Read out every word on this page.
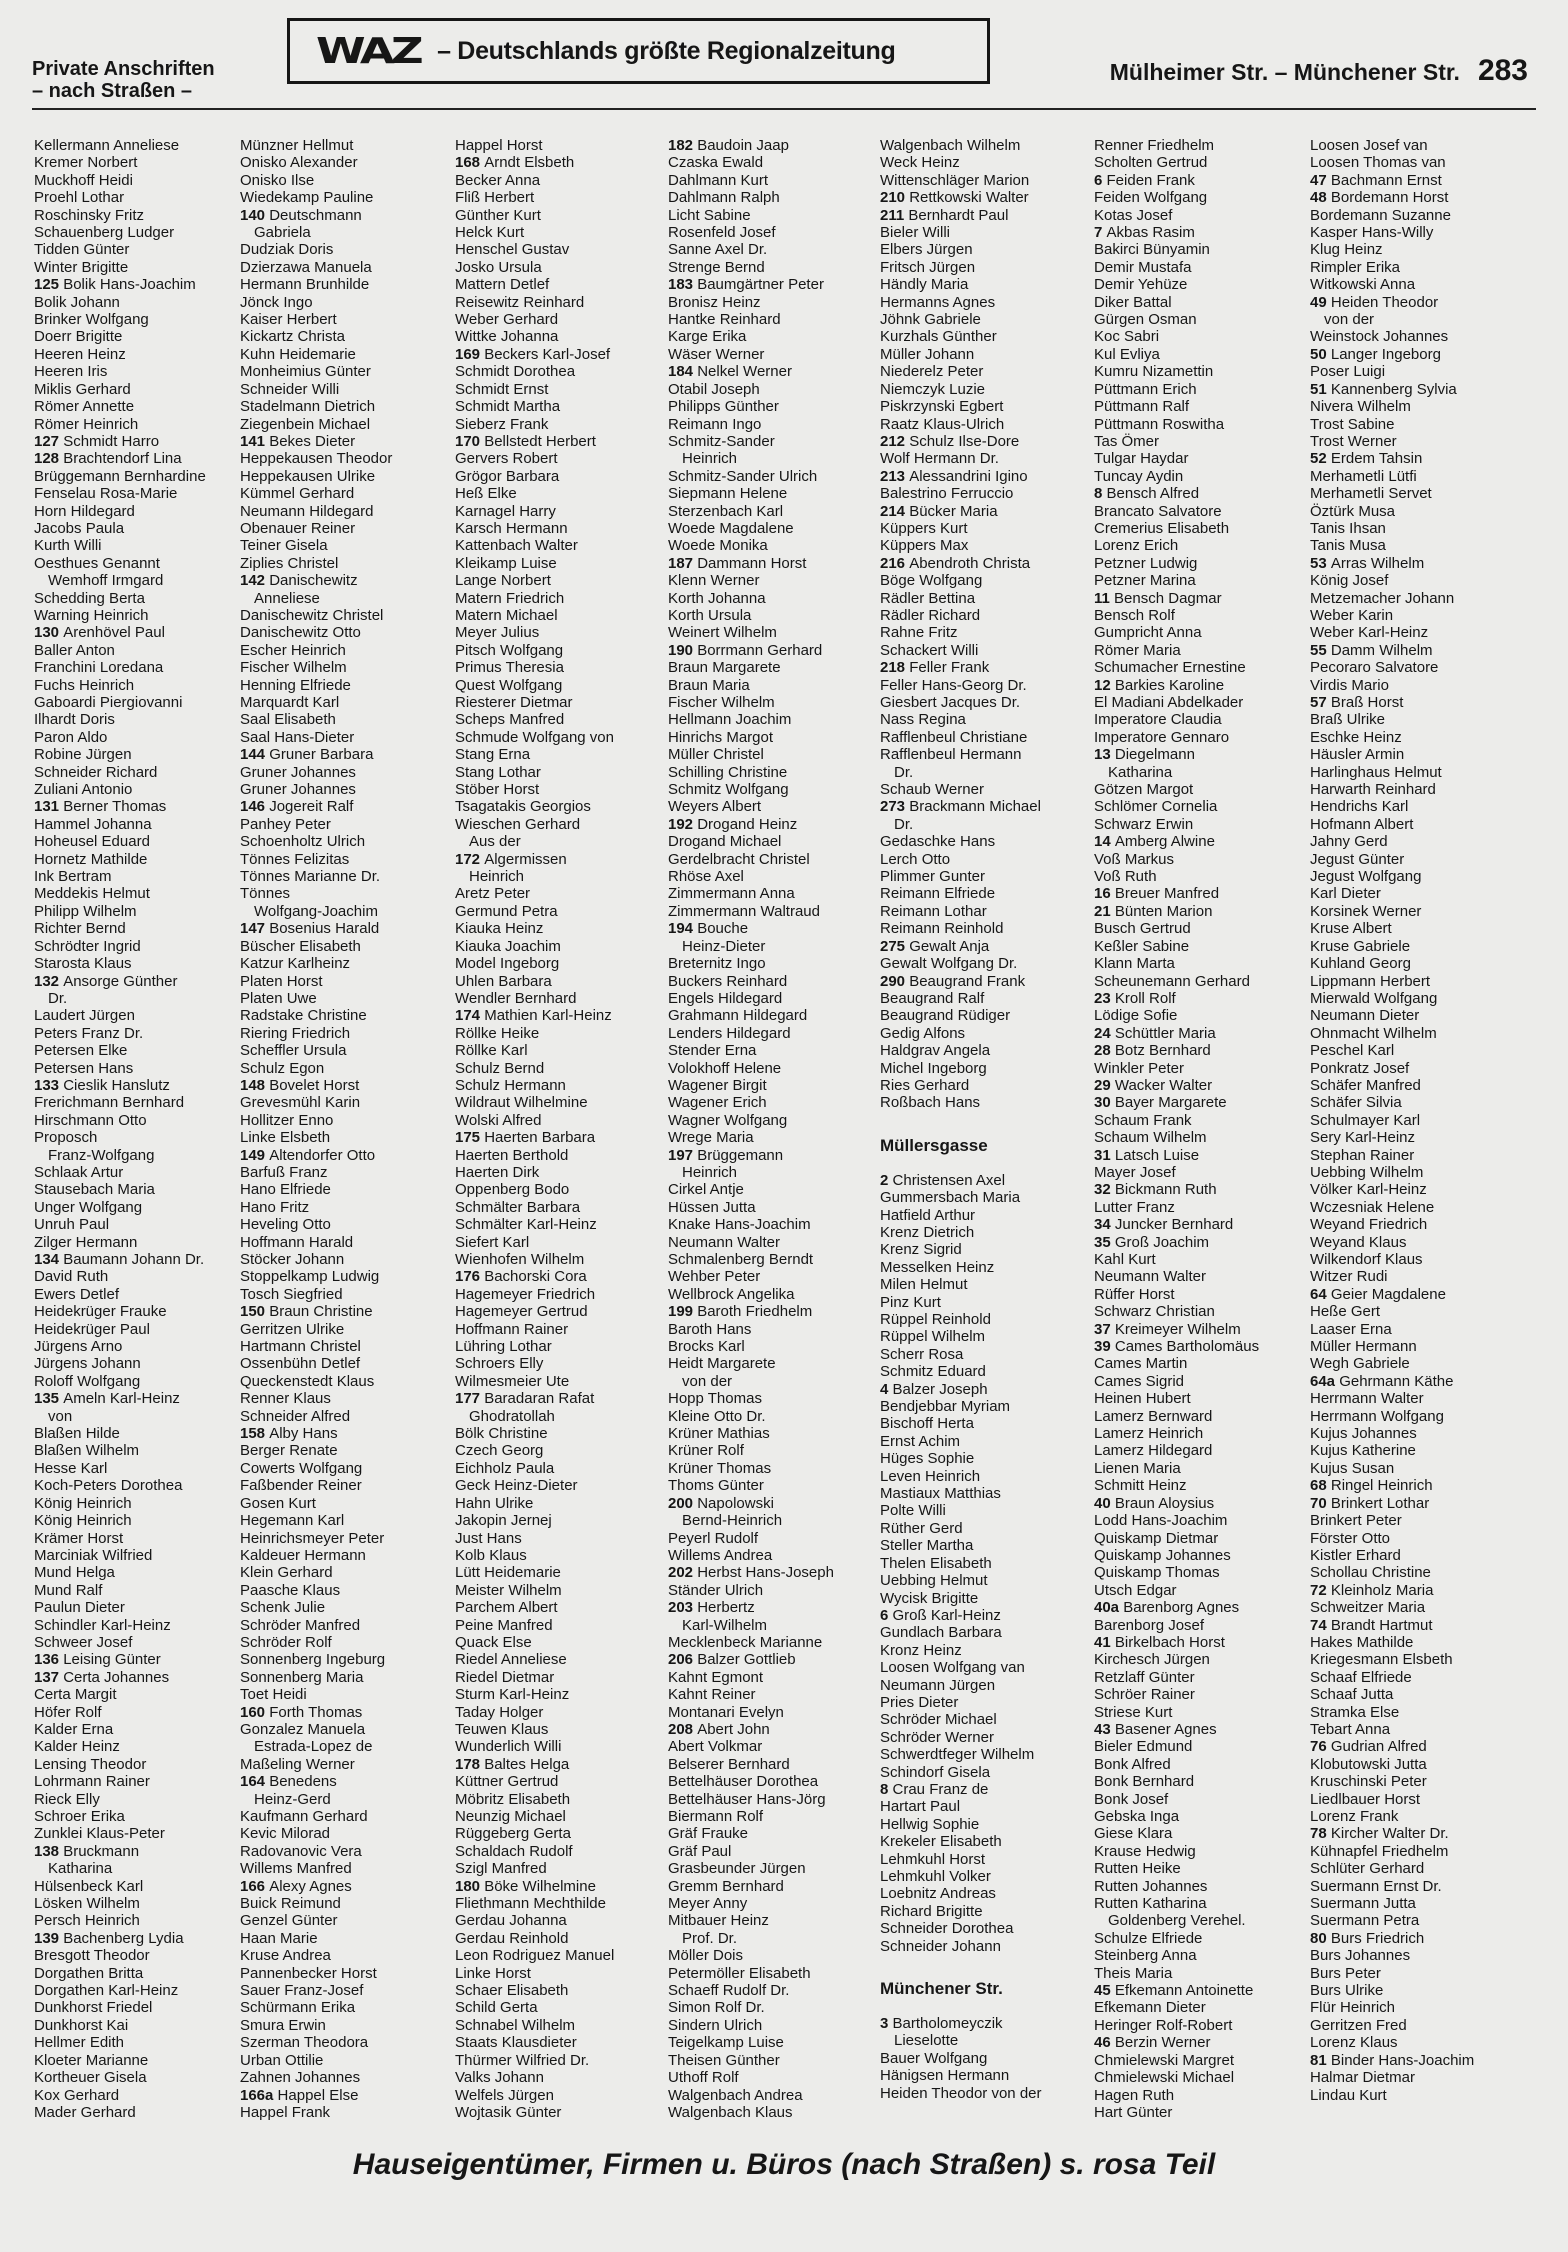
Private Anschriften
– nach Straßen –
WAZ – Deutschlands größte Regionalzeitung
Mülheimer Str. – Münchener Str. 283
Kellermann Anneliese
Kremer Norbert
Muckhoff Heidi
Proehl Lothar
Roschinsky Fritz
Schauenberg Ludger
Tidden Günter
Winter Brigitte
125 Bolik Hans-Joachim
Bolik Johann
Brinker Wolfgang
Doerr Brigitte
Heeren Heinz
Heeren Iris
Miklis Gerhard
Römer Annette
Römer Heinrich
127 Schmidt Harro
128 Brachtendorf Lina
Brüggemann Bernhardine
Fenselau Rosa-Marie
Horn Hildegard
Jacobs Paula
Kurth Willi
Oesthues Genannt
Wemhoff Irmgard
Schedding Berta
Warning Heinrich
130 Arenhövel Paul
Baller Anton
Franchini Loredana
Fuchs Heinrich
Gaboardi Piergiovanni
Ilhardt Doris
Paron Aldo
Robine Jürgen
Schneider Richard
Zuliani Antonio
131 Berner Thomas
Hammel Johanna
Hoheusel Eduard
Hornetz Mathilde
Ink Bertram
Meddekis Helmut
Philipp Wilhelm
Richter Bernd
Schrödter Ingrid
Starosta Klaus
132 Ansorge Günther
Dr.
Laudert Jürgen
Peters Franz Dr.
Petersen Elke
Petersen Hans
133 Cieslik Hanslutz
Frerichmann Bernhard
Hirschmann Otto
Proposch
Franz-Wolfgang
Schlaak Artur
Stausebach Maria
Unger Wolfgang
Unruh Paul
Zilger Hermann
134 Baumann Johann Dr.
David Ruth
Ewers Detlef
Heidekrüger Frauke
Heidekrüger Paul
Jürgens Arno
Jürgens Johann
Roloff Wolfgang
135 Ameln Karl-Heinz
von
Blaßen Hilde
Blaßen Wilhelm
Hesse Karl
Koch-Peters Dorothea
König Heinrich
König Heinrich
Krämer Horst
Marciniak Wilfried
Mund Helga
Mund Ralf
Paulun Dieter
Schindler Karl-Heinz
Schweer Josef
136 Leising Günter
137 Certa Johannes
Certa Margit
Höfer Rolf
Kalder Erna
Kalder Heinz
Lensing Theodor
Lohrmann Rainer
Rieck Elly
Schroer Erika
Zunklei Klaus-Peter
138 Bruckmann
Katharina
Hülsenbeck Karl
Lösken Wilhelm
Persch Heinrich
139 Bachenberg Lydia
Bresgott Theodor
Dorgathen Britta
Dorgathen Karl-Heinz
Dunkhorst Friedel
Dunkhorst Kai
Hellmer Edith
Kloeter Marianne
Kortheuer Gisela
Kox Gerhard
Mader Gerhard
Münzner Hellmut
Onisko Alexander
Onisko Ilse
Wiedekamp Pauline
140 Deutschmann
Gabriela
Dudziak Doris
Dzierzawa Manuela
Hermann Brunhilde
Jönck Ingo
Kaiser Herbert
Kickartz Christa
Kuhn Heidemarie
Monheimius Günter
Schneider Willi
Stadelmann Dietrich
Ziegenbein Michael
141 Bekes Dieter
Heppekausen Theodor
Heppekausen Ulrike
Kümmel Gerhard
Neumann Hildegard
Obenauer Reiner
Teiner Gisela
Ziplies Christel
142 Danischewitz
Anneliese
Danischewitz Christel
Danischewitz Otto
Escher Heinrich
Fischer Wilhelm
Henning Elfriede
Marquardt Karl
Saal Elisabeth
Saal Hans-Dieter
144 Gruner Barbara
Gruner Johannes
Gruner Johannes
146 Jogereit Ralf
Panhey Peter
Schoenholtz Ulrich
Tönnes Felizitas
Tönnes Marianne Dr.
Tönnes
Wolfgang-Joachim
147 Bosenius Harald
Büscher Elisabeth
Katzur Karlheinz
Platen Horst
Platen Uwe
Radstake Christine
Riering Friedrich
Scheffler Ursula
Schulz Egon
148 Bovelet Horst
Grevesmühl Karin
Hollitzer Enno
Linke Elsbeth
149 Altendorfer Otto
Barfuß Franz
Hano Elfriede
Hano Fritz
Heveling Otto
Hoffmann Harald
Stöcker Johann
Stoppelkamp Ludwig
Tosch Siegfried
150 Braun Christine
Gerritzen Ulrike
Hartmann Christel
Ossenbühn Detlef
Queckenstedt Klaus
Renner Klaus
Schneider Alfred
158 Alby Hans
Berger Renate
Cowerts Wolfgang
Faßbender Reiner
Gosen Kurt
Hegemann Karl
Heinrichsmeyer Peter
Kaldeuer Hermann
Klein Gerhard
Paasche Klaus
Schenk Julie
Schröder Manfred
Schröder Rolf
Sonnenberg Ingeburg
Sonnenberg Maria
Toet Heidi
160 Forth Thomas
Gonzalez Manuela
Estrada-Lopez de
Maßeling Werner
164 Benedens
Heinz-Gerd
Kaufmann Gerhard
Kevic Milorad
Radovanovic Vera
Willems Manfred
166 Alexy Agnes
Buick Reimund
Genzel Günter
Haan Marie
Kruse Andrea
Pannenbecker Horst
Sauer Franz-Josef
Schürmann Erika
Smura Erwin
Szerman Theodora
Urban Ottilie
Zahnen Johannes
166a Happel Else
Happel Frank
Happel Horst
168 Arndt Elsbeth
Becker Anna
Fliß Herbert
Günther Kurt
Helck Kurt
Henschel Gustav
Josko Ursula
Mattern Detlef
Reisewitz Reinhard
Weber Gerhard
Wittke Johanna
169 Beckers Karl-Josef
Schmidt Dorothea
Schmidt Ernst
Schmidt Martha
Sieberz Frank
170 Bellstedt Herbert
Gervers Robert
Grögor Barbara
Heß Elke
Karnagel Harry
Karsch Hermann
Kattenbach Walter
Kleikamp Luise
Lange Norbert
Matern Friedrich
Matern Michael
Meyer Julius
Pitsch Wolfgang
Primus Theresia
Quest Wolfgang
Riesterer Dietmar
Scheps Manfred
Schmude Wolfgang von
Stang Erna
Stang Lothar
Stöber Horst
Tsagatakis Georgios
Wieschen Gerhard
Aus der
172 Algermissen
Heinrich
Aretz Peter
Germund Petra
Kiauka Heinz
Kiauka Joachim
Model Ingeborg
Uhlen Barbara
Wendler Bernhard
174 Mathien Karl-Heinz
Röllke Heike
Röllke Karl
Schulz Bernd
Schulz Hermann
Wildraut Wilhelmine
Wolski Alfred
175 Haerten Barbara
Haerten Berthold
Haerten Dirk
Oppenberg Bodo
Schmälter Barbara
Schmälter Karl-Heinz
Siefert Karl
Wienhofen Wilhelm
176 Bachorski Cora
Hagemeyer Friedrich
Hagemeyer Gertrud
Hoffmann Rainer
Lühring Lothar
Schroers Elly
Wilmesmeier Ute
177 Baradaran Rafat
Ghodratollah
Bölk Christine
Czech Georg
Eichholz Paula
Geck Heinz-Dieter
Hahn Ulrike
Jakopin Jernej
Just Hans
Kolb Klaus
Lütt Heidemarie
Meister Wilhelm
Parchem Albert
Peine Manfred
Quack Else
Riedel Anneliese
Riedel Dietmar
Sturm Karl-Heinz
Taday Holger
Teuwen Klaus
Wunderlich Willi
178 Baltes Helga
Küttner Gertrud
Möbritz Elisabeth
Neunzig Michael
Rüggeberg Gerta
Schaldach Rudolf
Szigl Manfred
180 Böke Wilhelmine
Fliethmann Mechthilde
Gerdau Johanna
Gerdau Reinhold
Leon Rodriguez Manuel
Linke Horst
Schaer Elisabeth
Schild Gerta
Schnabel Wilhelm
Staats Klausdieter
Thürmer Wilfried Dr.
Valks Johann
Welfels Jürgen
Wojtasik Günter
182 Baudoin Jaap
Czaska Ewald
Dahlmann Kurt
Dahlmann Ralph
Licht Sabine
Rosenfeld Josef
Sanne Axel Dr.
Strenge Bernd
183 Baumgärtner Peter
Bronisz Heinz
Hantke Reinhard
Karge Erika
Wäser Werner
184 Nelkel Werner
Otabil Joseph
Philipps Günther
Reimann Ingo
Schmitz-Sander
Heinrich
Schmitz-Sander Ulrich
Siepmann Helene
Sterzenbach Karl
Woede Magdalene
Woede Monika
187 Dammann Horst
Klenn Werner
Korth Johanna
Korth Ursula
Weinert Wilhelm
190 Borrmann Gerhard
Braun Margarete
Braun Maria
Fischer Wilhelm
Hellmann Joachim
Hinrichs Margot
Müller Christel
Schilling Christine
Schmitz Wolfgang
Weyers Albert
192 Drogand Heinz
Drogand Michael
Gerdelbracht Christel
Rhöse Axel
Zimmermann Anna
Zimmermann Waltraud
194 Bouche
Heinz-Dieter
Breternitz Ingo
Buckers Reinhard
Engels Hildegard
Grahmann Hildegard
Lenders Hildegard
Stender Erna
Volokhoff Helene
Wagener Birgit
Wagener Erich
Wagner Wolfgang
Wrege Maria
197 Brüggemann
Heinrich
Cirkel Antje
Hüssen Jutta
Knake Hans-Joachim
Neumann Walter
Schmalenberg Berndt
Wehber Peter
Wellbrock Angelika
199 Baroth Friedhelm
Baroth Hans
Brocks Karl
Heidt Margarete
von der
Hopp Thomas
Kleine Otto Dr.
Krüner Mathias
Krüner Rolf
Krüner Thomas
Thoms Günter
200 Napolowski
Bernd-Heinrich
Peyerl Rudolf
Willems Andrea
202 Herbst Hans-Joseph
Ständer Ulrich
203 Herbertz
Karl-Wilhelm
Mecklenbeck Marianne
206 Balzer Gottlieb
Kahnt Egmont
Kahnt Reiner
Montanari Evelyn
208 Abert John
Abert Volkmar
Belserer Bernhard
Bettelhäuser Dorothea
Bettelhäuser Hans-Jörg
Biermann Rolf
Gräf Frauke
Gräf Paul
Grasbeunder Jürgen
Gremm Bernhard
Meyer Anny
Mitbauer Heinz
Prof. Dr.
Möller Dois
Petermöller Elisabeth
Schaeff Rudolf Dr.
Simon Rolf Dr.
Sindern Ulrich
Teigelkamp Luise
Theisen Günther
Uthoff Rolf
Walgenbach Andrea
Walgenbach Klaus
Walgenbach Wilhelm
Weck Heinz
Wittenschläger Marion
210 Rettkowski Walter
211 Bernhardt Paul
Bieler Willi
Elbers Jürgen
Fritsch Jürgen
Händly Maria
Hermanns Agnes
Jöhnk Gabriele
Kurzhals Günther
Müller Johann
Niederelz Peter
Niemczyk Luzie
Piskrzynski Egbert
Raatz Klaus-Ulrich
212 Schulz Ilse-Dore
Wolf Hermann Dr.
213 Alessandrini Igino
Balestrino Ferruccio
214 Bücker Maria
Küppers Kurt
Küppers Max
216 Abendroth Christa
Böge Wolfgang
Rädler Bettina
Rädler Richard
Rahne Fritz
Schackert Willi
218 Feller Frank
Feller Hans-Georg Dr.
Giesbert Jacques Dr.
Nass Regina
Rafflenbeul Christiane
Rafflenbeul Hermann
Dr.
Schaub Werner
273 Brackmann Michael
Dr.
Gedaschke Hans
Lerch Otto
Plimmer Gunter
Reimann Elfriede
Reimann Lothar
Reimann Reinhold
275 Gewalt Anja
Gewalt Wolfgang Dr.
290 Beaugrand Frank
Beaugrand Ralf
Beaugrand Rüdiger
Gedig Alfons
Haldgrav Angela
Michel Ingeborg
Ries Gerhard
Roßbach Hans
Müllersgasse
2 Christensen Axel
Gummersbach Maria
Hatfield Arthur
Krenz Dietrich
Krenz Sigrid
Messelken Heinz
Milen Helmut
Pinz Kurt
Rüppel Reinhold
Rüppel Wilhelm
Scherr Rosa
Schmitz Eduard
4 Balzer Joseph
Bendjebbar Myriam
Bischoff Herta
Ernst Achim
Hüges Sophie
Leven Heinrich
Mastiaux Matthias
Polte Willi
Rüther Gerd
Steller Martha
Thelen Elisabeth
Uebbing Helmut
Wycisk Brigitte
6 Groß Karl-Heinz
Gundlach Barbara
Kronz Heinz
Loosen Wolfgang van
Neumann Jürgen
Pries Dieter
Schröder Michael
Schröder Werner
Schwerdtfeger Wilhelm
Schindorf Gisela
8 Crau Franz de
Hartart Paul
Hellwig Sophie
Krekeler Elisabeth
Lehmkuhl Horst
Lehmkuhl Volker
Loebnitz Andreas
Richard Brigitte
Schneider Dorothea
Schneider Johann
Münchener Str.
3 Bartholomeyczik
Lieselotte
Bauer Wolfgang
Hänigsen Hermann
Heiden Theodor von der
Renner Friedhelm
Scholten Gertrud
6 Feiden Frank
Feiden Wolfgang
Kotas Josef
7 Akbas Rasim
Bakirci Bünyamin
Demir Mustafa
Demir Yehüze
Diker Battal
Gürgen Osman
Koc Sabri
Kul Evliya
Kumru Nizamettin
Püttmann Erich
Püttmann Ralf
Püttmann Roswitha
Tas Ömer
Tulgar Haydar
Tuncay Aydin
8 Bensch Alfred
Brancato Salvatore
Cremerius Elisabeth
Lorenz Erich
Petzner Ludwig
Petzner Marina
11 Bensch Dagmar
Bensch Rolf
Gumpricht Anna
Römer Maria
Schumacher Ernestine
12 Barkies Karoline
El Madiani Abdelkader
Imperatore Claudia
Imperatore Gennaro
13 Diegelmann
Katharina
Götzen Margot
Schlömer Cornelia
Schwarz Erwin
14 Amberg Alwine
Voß Markus
Voß Ruth
16 Breuer Manfred
21 Bünten Marion
Busch Gertrud
Keßler Sabine
Klann Marta
Scheunemann Gerhard
23 Kroll Rolf
Lödige Sofie
24 Schüttler Maria
28 Botz Bernhard
Winkler Peter
29 Wacker Walter
30 Bayer Margarete
Schaum Frank
Schaum Wilhelm
31 Latsch Luise
Mayer Josef
32 Bickmann Ruth
Lutter Franz
34 Juncker Bernhard
35 Groß Joachim
Kahl Kurt
Neumann Walter
Rüffer Horst
Schwarz Christian
37 Kreimeyer Wilhelm
39 Cames Bartholomäus
Cames Martin
Cames Sigrid
Heinen Hubert
Lamerz Bernward
Lamerz Heinrich
Lamerz Hildegard
Lienen Maria
Schmitt Heinz
40 Braun Aloysius
Lodd Hans-Joachim
Quiskamp Dietmar
Quiskamp Johannes
Quiskamp Thomas
Utsch Edgar
40a Barenborg Agnes
Barenborg Josef
41 Birkelbach Horst
Kirchesch Jürgen
Retzlaff Günter
Schröer Rainer
Striese Kurt
43 Basener Agnes
Bieler Edmund
Bonk Alfred
Bonk Bernhard
Bonk Josef
Gebska Inga
Giese Klara
Krause Hedwig
Rutten Heike
Rutten Johannes
Rutten Katharina
Goldenberg Verehel.
Schulze Elfriede
Steinberg Anna
Theis Maria
45 Efkemann Antoinette
Efkemann Dieter
Heringer Rolf-Robert
46 Berzin Werner
Chmielewski Margret
Chmielewski Michael
Hagen Ruth
Hart Günter
Loosen Josef van
Loosen Thomas van
47 Bachmann Ernst
48 Bordemann Horst
Bordemann Suzanne
Kasper Hans-Willy
Klug Heinz
Rimpler Erika
Witkowski Anna
49 Heiden Theodor
von der
Weinstock Johannes
50 Langer Ingeborg
Poser Luigi
51 Kannenberg Sylvia
Nivera Wilhelm
Trost Sabine
Trost Werner
52 Erdem Tahsin
Merhametli Lütfi
Merhametli Servet
Öztürk Musa
Tanis Ihsan
Tanis Musa
53 Arras Wilhelm
König Josef
Metzemacher Johann
Weber Karin
Weber Karl-Heinz
55 Damm Wilhelm
Pecoraro Salvatore
Virdis Mario
57 Braß Horst
Braß Ulrike
Eschke Heinz
Häusler Armin
Harlinghaus Helmut
Harwarth Reinhard
Hendrichs Karl
Hofmann Albert
Jahny Gerd
Jegust Günter
Jegust Wolfgang
Karl Dieter
Korsinek Werner
Kruse Albert
Kruse Gabriele
Kuhland Georg
Lippmann Herbert
Mierwald Wolfgang
Neumann Dieter
Ohnmacht Wilhelm
Peschel Karl
Ponkratz Josef
Schäfer Manfred
Schäfer Silvia
Schulmayer Karl
Sery Karl-Heinz
Stephan Rainer
Uebbing Wilhelm
Völker Karl-Heinz
Wczesniak Helene
Weyand Friedrich
Weyand Klaus
Wilkendorf Klaus
Witzer Rudi
64 Geier Magdalene
Heße Gert
Laaser Erna
Müller Hermann
Wegh Gabriele
64a Gehrmann Käthe
Herrmann Walter
Herrmann Wolfgang
Kujus Johannes
Kujus Katherine
Kujus Susan
68 Ringel Heinrich
70 Brinkert Lothar
Brinkert Peter
Förster Otto
Kistler Erhard
Schollau Christine
72 Kleinholz Maria
Schweitzer Maria
74 Brandt Hartmut
Hakes Mathilde
Kriegesmann Elsbeth
Schaaf Elfriede
Schaaf Jutta
Stramka Else
Tebart Anna
76 Gudrian Alfred
Klobutowski Jutta
Kruschinski Peter
Liedlbauer Horst
Lorenz Frank
78 Kircher Walter Dr.
Kühnapfel Friedhelm
Schlüter Gerhard
Suermann Ernst Dr.
Suermann Jutta
Suermann Petra
80 Burs Friedrich
Burs Johannes
Burs Peter
Burs Ulrike
Flür Heinrich
Gerritzen Fred
Lorenz Klaus
81 Binder Hans-Joachim
Halmar Dietmar
Lindau Kurt
Hauseigentümer, Firmen u. Büros (nach Straßen) s. rosa Teil
